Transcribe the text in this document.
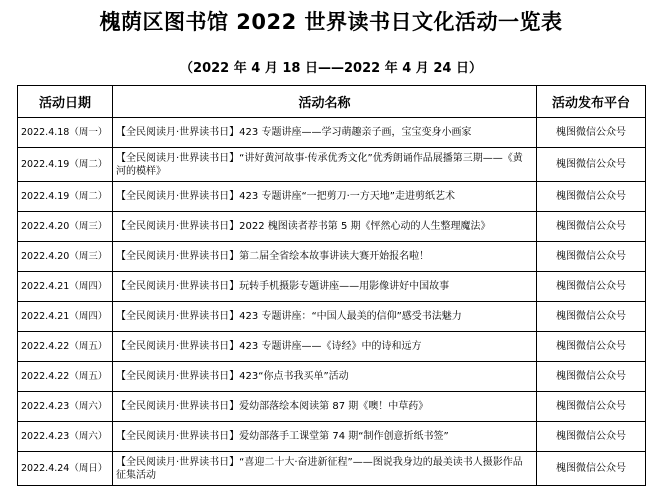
槐荫区图书馆 2022 世界读书日文化活动一览表
（2022 年 4 月 18 日——2022 年 4 月 24 日）
活动日期	活动名称	活动发布平台
2022.4.18（周一）	【全民阅读月·世界读书日】423 专题讲座——学习萌趣亲子画，宝宝变身小画家	槐图微信公众号
2022.4.19（周二）	【全民阅读月·世界读书日】“讲好黄河故事·传承优秀文化”优秀朗诵作品展播第三期——《黄河的模样》	槐图微信公众号
2022.4.19（周二）	【全民阅读月·世界读书日】423 专题讲座“一把剪刀·一方天地”走进剪纸艺术	槐图微信公众号
2022.4.20（周三）	【全民阅读月·世界读书日】2022 槐图读者荐书第 5 期《怦然心动的人生整理魔法》	槐图微信公众号
2022.4.20（周三）	【全民阅读月·世界读书日】第二届全省绘本故事讲读大赛开始报名啦！	槐图微信公众号
2022.4.21（周四）	【全民阅读月·世界读书日】玩转手机摄影专题讲座——用影像讲好中国故事	槐图微信公众号
2022.4.21（周四）	【全民阅读月·世界读书日】423 专题讲座：“中国人最美的信仰”感受书法魅力	槐图微信公众号
2022.4.22（周五）	【全民阅读月·世界读书日】423 专题讲座——《诗经》中的诗和远方	槐图微信公众号
2022.4.22（周五）	【全民阅读月·世界读书日】423“你点书我买单”活动	槐图微信公众号
2022.4.23（周六）	【全民阅读月·世界读书日】爱幼部落绘本阅读第 87 期《噢！中草药》	槐图微信公众号
2022.4.23（周六）	【全民阅读月·世界读书日】爱幼部落手工课堂第 74 期“制作创意折纸书签”	槐图微信公众号
2022.4.24（周日）	【全民阅读月·世界读书日】“喜迎二十大·奋进新征程”——图说我身边的最美读书人摄影作品征集活动	槐图微信公众号
